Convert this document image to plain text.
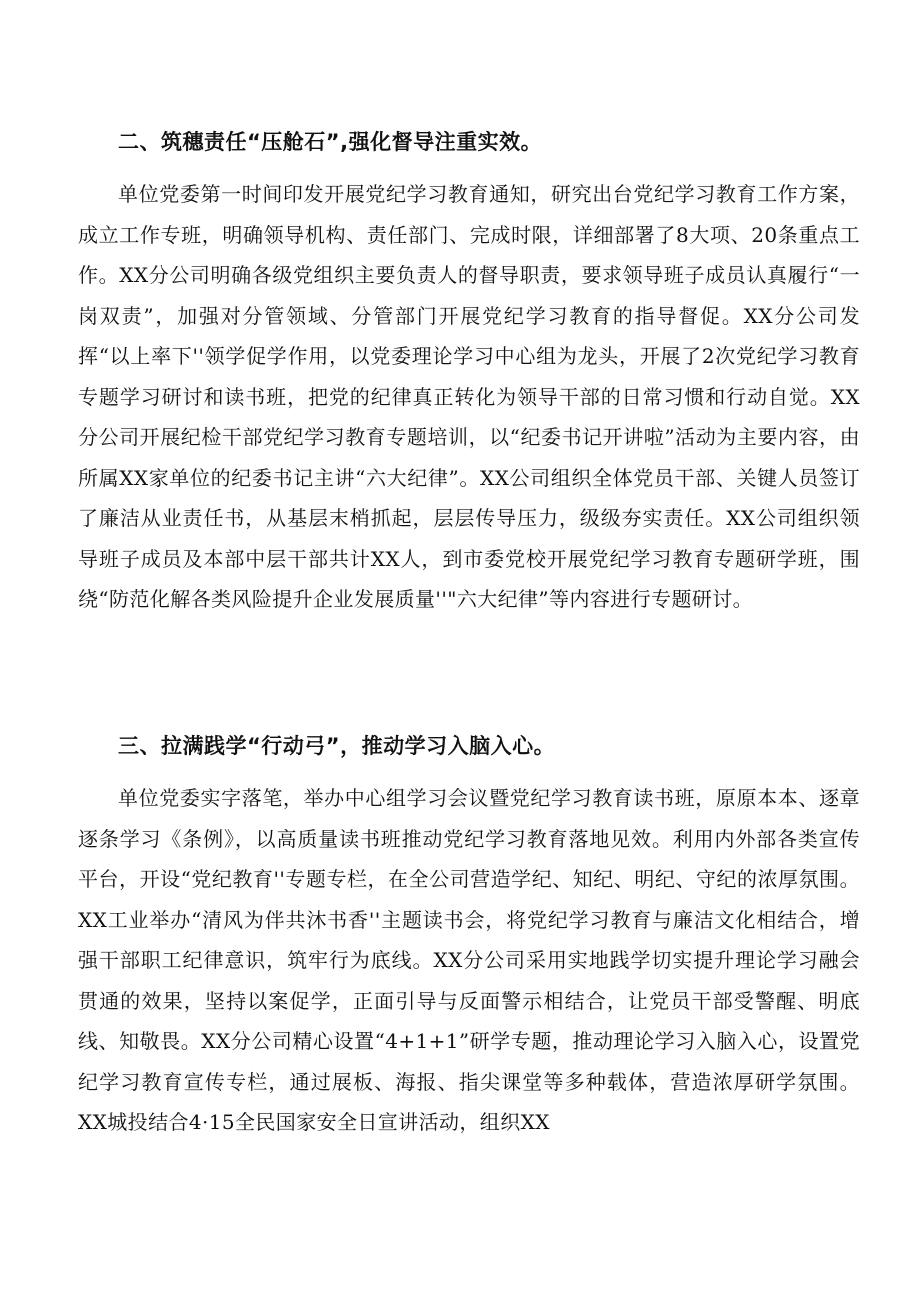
二、筑穗责任“压舱石”,强化督导注重实效。

单位党委第一时间印发开展党纪学习教育通知，研究出台党纪学习教育工作方案，成立工作专班，明确领导机构、责任部门、完成时限，详细部署了8大项、20条重点工作。XX分公司明确各级党组织主要负责人的督导职责，要求领导班子成员认真履行“一岗双责”，加强对分管领域、分管部门开展党纪学习教育的指导督促。XX分公司发挥“以上率下''领学促学作用，以党委理论学习中心组为龙头，开展了2次党纪学习教育专题学习研讨和读书班，把党的纪律真正转化为领导干部的日常习惯和行动自觉。XX分公司开展纪检干部党纪学习教育专题培训，以“纪委书记开讲啦”活动为主要内容，由所属XX家单位的纪委书记主讲“六大纪律”。XX公司组织全体党员干部、关键人员签订了廉洁从业责任书，从基层末梢抓起，层层传导压力，级级夯实责任。XX公司组织领导班子成员及本部中层干部共计XX人，到市委党校开展党纪学习教育专题研学班，围绕“防范化解各类风险提升企业发展质量''"六大纪律”等内容进行专题研讨。

三、拉满践学“行动弓”，推动学习入脑入心。

单位党委实字落笔，举办中心组学习会议暨党纪学习教育读书班，原原本本、逐章逐条学习《条例》，以高质量读书班推动党纪学习教育落地见效。利用内外部各类宣传平台，开设“党纪教育''专题专栏，在全公司营造学纪、知纪、明纪、守纪的浓厚氛围。XX工业举办“清风为伴共沐书香''主题读书会，将党纪学习教育与廉洁文化相结合，增强干部职工纪律意识，筑牢行为底线。XX分公司采用实地践学切实提升理论学习融会贯通的效果，坚持以案促学，正面引导与反面警示相结合，让党员干部受警醒、明底线、知敬畏。XX分公司精心设置“4+1+1”研学专题，推动理论学习入脑入心，设置党纪学习教育宣传专栏，通过展板、海报、指尖课堂等多种载体，营造浓厚研学氛围。XX城投结合4·15全民国家安全日宣讲活动，组织XX
